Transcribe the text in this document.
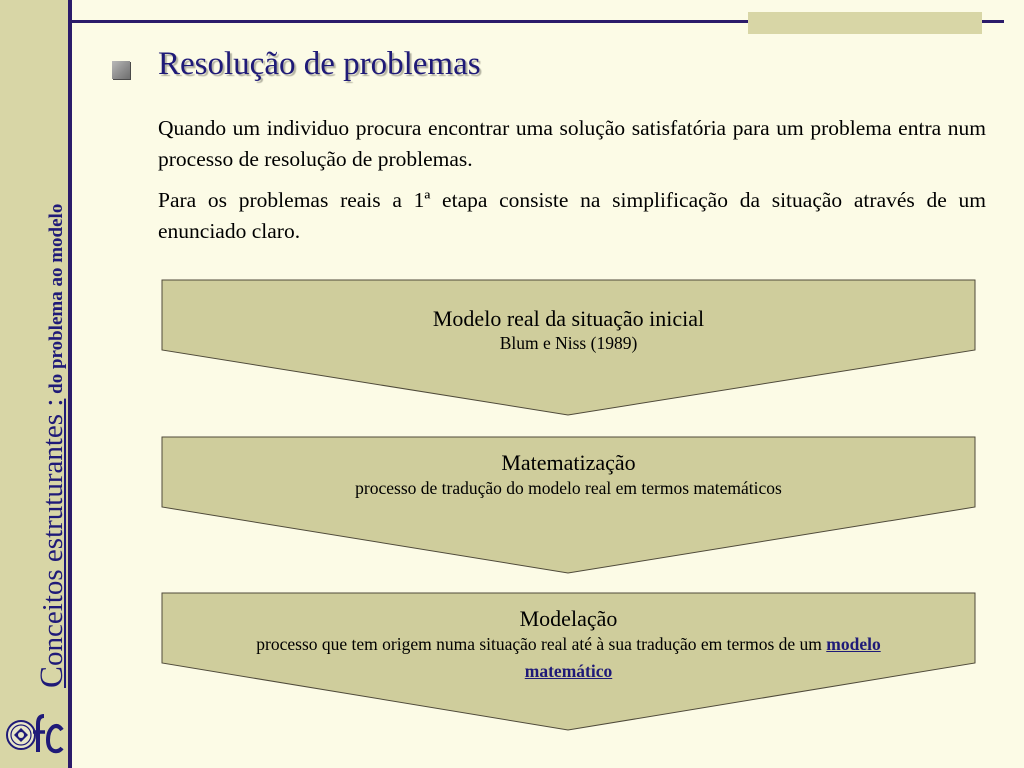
Conceitos estruturantes : do problema ao modelo
Resolução de problemas
Quando um individuo procura encontrar uma solução satisfatória para um problema entra num processo de resolução de problemas.
Para os problemas reais a 1ª etapa consiste na simplificação da situação através de um enunciado claro.
Modelo real da situação inicial
Blum e Niss (1989)
Matematização
processo de tradução do modelo real em termos matemáticos
Modelação
processo que tem origem numa situação real até à sua tradução em termos de um modelo matemático
